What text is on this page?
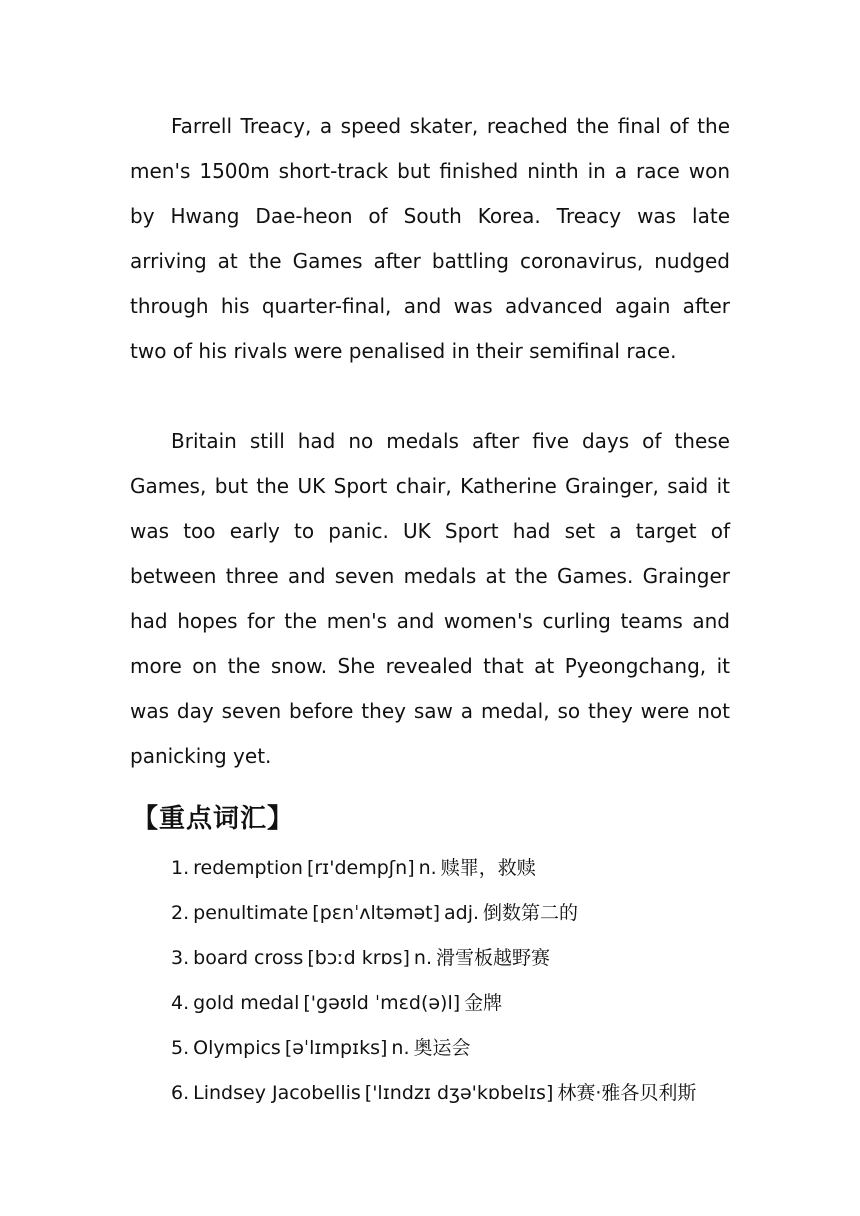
Farrell Treacy, a speed skater, reached the final of the men's 1500m short-track but finished ninth in a race won by Hwang Dae-heon of South Korea. Treacy was late arriving at the Games after battling coronavirus, nudged through his quarter-final, and was advanced again after two of his rivals were penalised in their semifinal race.

Britain still had no medals after five days of these Games, but the UK Sport chair, Katherine Grainger, said it was too early to panic. UK Sport had set a target of between three and seven medals at the Games. Grainger had hopes for the men's and women's curling teams and more on the snow. She revealed that at Pyeongchang, it was day seven before they saw a medal, so they were not panicking yet.

【重点词汇】
1. redemption [rɪ'dempʃn] n. 赎罪，救赎
2. penultimate [pɛnˈʌltəmət] adj. 倒数第二的
3. board cross [bɔːd krɒs] n. 滑雪板越野赛
4. gold medal ['gəʊld ˈmɛd(ə)l] 金牌
5. Olympics [əˈlɪmpɪks] n. 奥运会
6. Lindsey Jacobellis ['lɪndzɪ dʒə'kɒbelɪs] 林赛·雅各贝利斯
